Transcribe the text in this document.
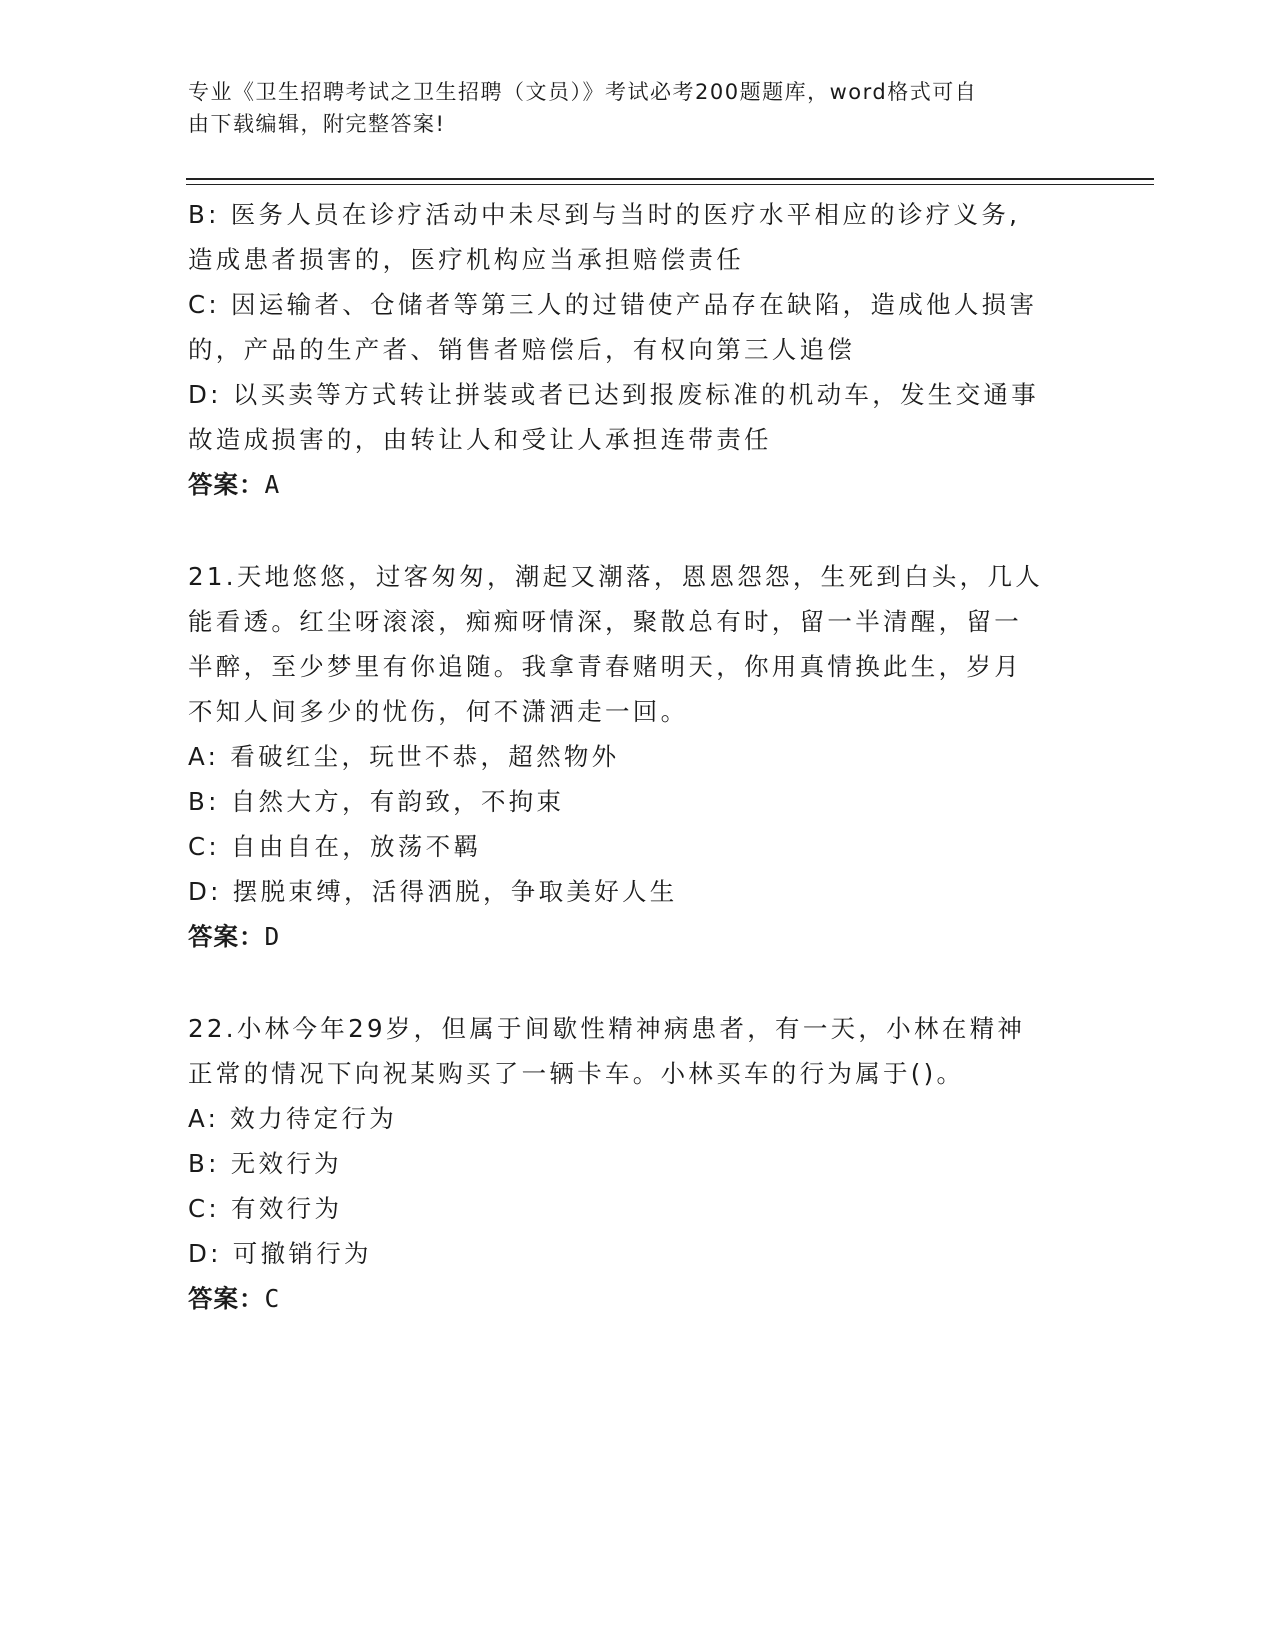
专业《卫生招聘考试之卫生招聘（文员）》考试必考200题题库，word格式可自
由下载编辑，附完整答案!
B: 医务人员在诊疗活动中未尽到与当时的医疗水平相应的诊疗义务,
造成患者损害的，医疗机构应当承担赔偿责任
C: 因运输者、仓储者等第三人的过错使产品存在缺陷，造成他人损害
的，产品的生产者、销售者赔偿后，有权向第三人追偿
D: 以买卖等方式转让拼装或者已达到报废标准的机动车，发生交通事
故造成损害的，由转让人和受让人承担连带责任
答案：A
21.天地悠悠，过客匆匆，潮起又潮落，恩恩怨怨，生死到白头，几人
能看透。红尘呀滚滚，痴痴呀情深，聚散总有时，留一半清醒，留一
半醉，至少梦里有你追随。我拿青春赌明天，你用真情换此生，岁月
不知人间多少的忧伤，何不潇洒走一回。
A: 看破红尘，玩世不恭，超然物外
B: 自然大方，有韵致，不拘束
C: 自由自在，放荡不羁
D: 摆脱束缚，活得洒脱，争取美好人生
答案：D
22.小林今年29岁，但属于间歇性精神病患者，有一天，小林在精神
正常的情况下向祝某购买了一辆卡车。小林买车的行为属于()。
A: 效力待定行为
B: 无效行为
C: 有效行为
D: 可撤销行为
答案：C
